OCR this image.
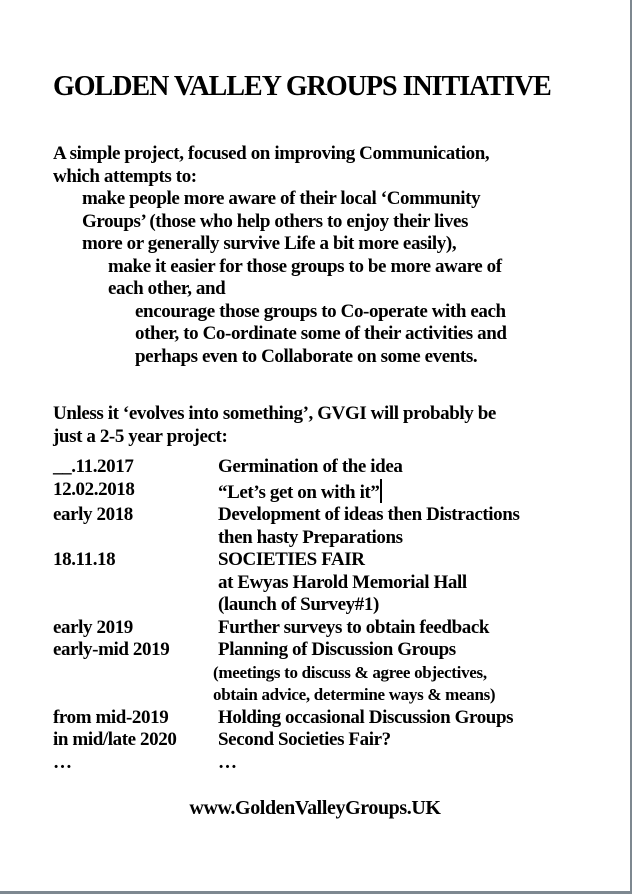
GOLDEN VALLEY GROUPS INITIATIVE
A simple project, focused on improving Communication,
which attempts to:
make people more aware of their local ‘Community
Groups’ (those who help others to enjoy their lives
more or generally survive Life a bit more easily),
make it easier for those groups to be more aware of
each other, and
encourage those groups to Co-operate with each
other, to Co-ordinate some of their activities and
perhaps even to Collaborate on some events.
Unless it ‘evolves into something’, GVGI will probably be
just a 2-5 year project:
__.11.2017	Germination of the idea
12.02.2018	“Let’s get on with it”
early 2018	Development of ideas then Distractions
then hasty Preparations
18.11.18	SOCIETIES FAIR
at Ewyas Harold Memorial Hall
(launch of Survey#1)
early 2019	Further surveys to obtain feedback
early-mid 2019	Planning of Discussion Groups
(meetings to discuss & agree objectives,
obtain advice, determine ways & means)
from mid-2019	Holding occasional Discussion Groups
in mid/late 2020	Second Societies Fair?
…	…
www.GoldenValleyGroups.UK
